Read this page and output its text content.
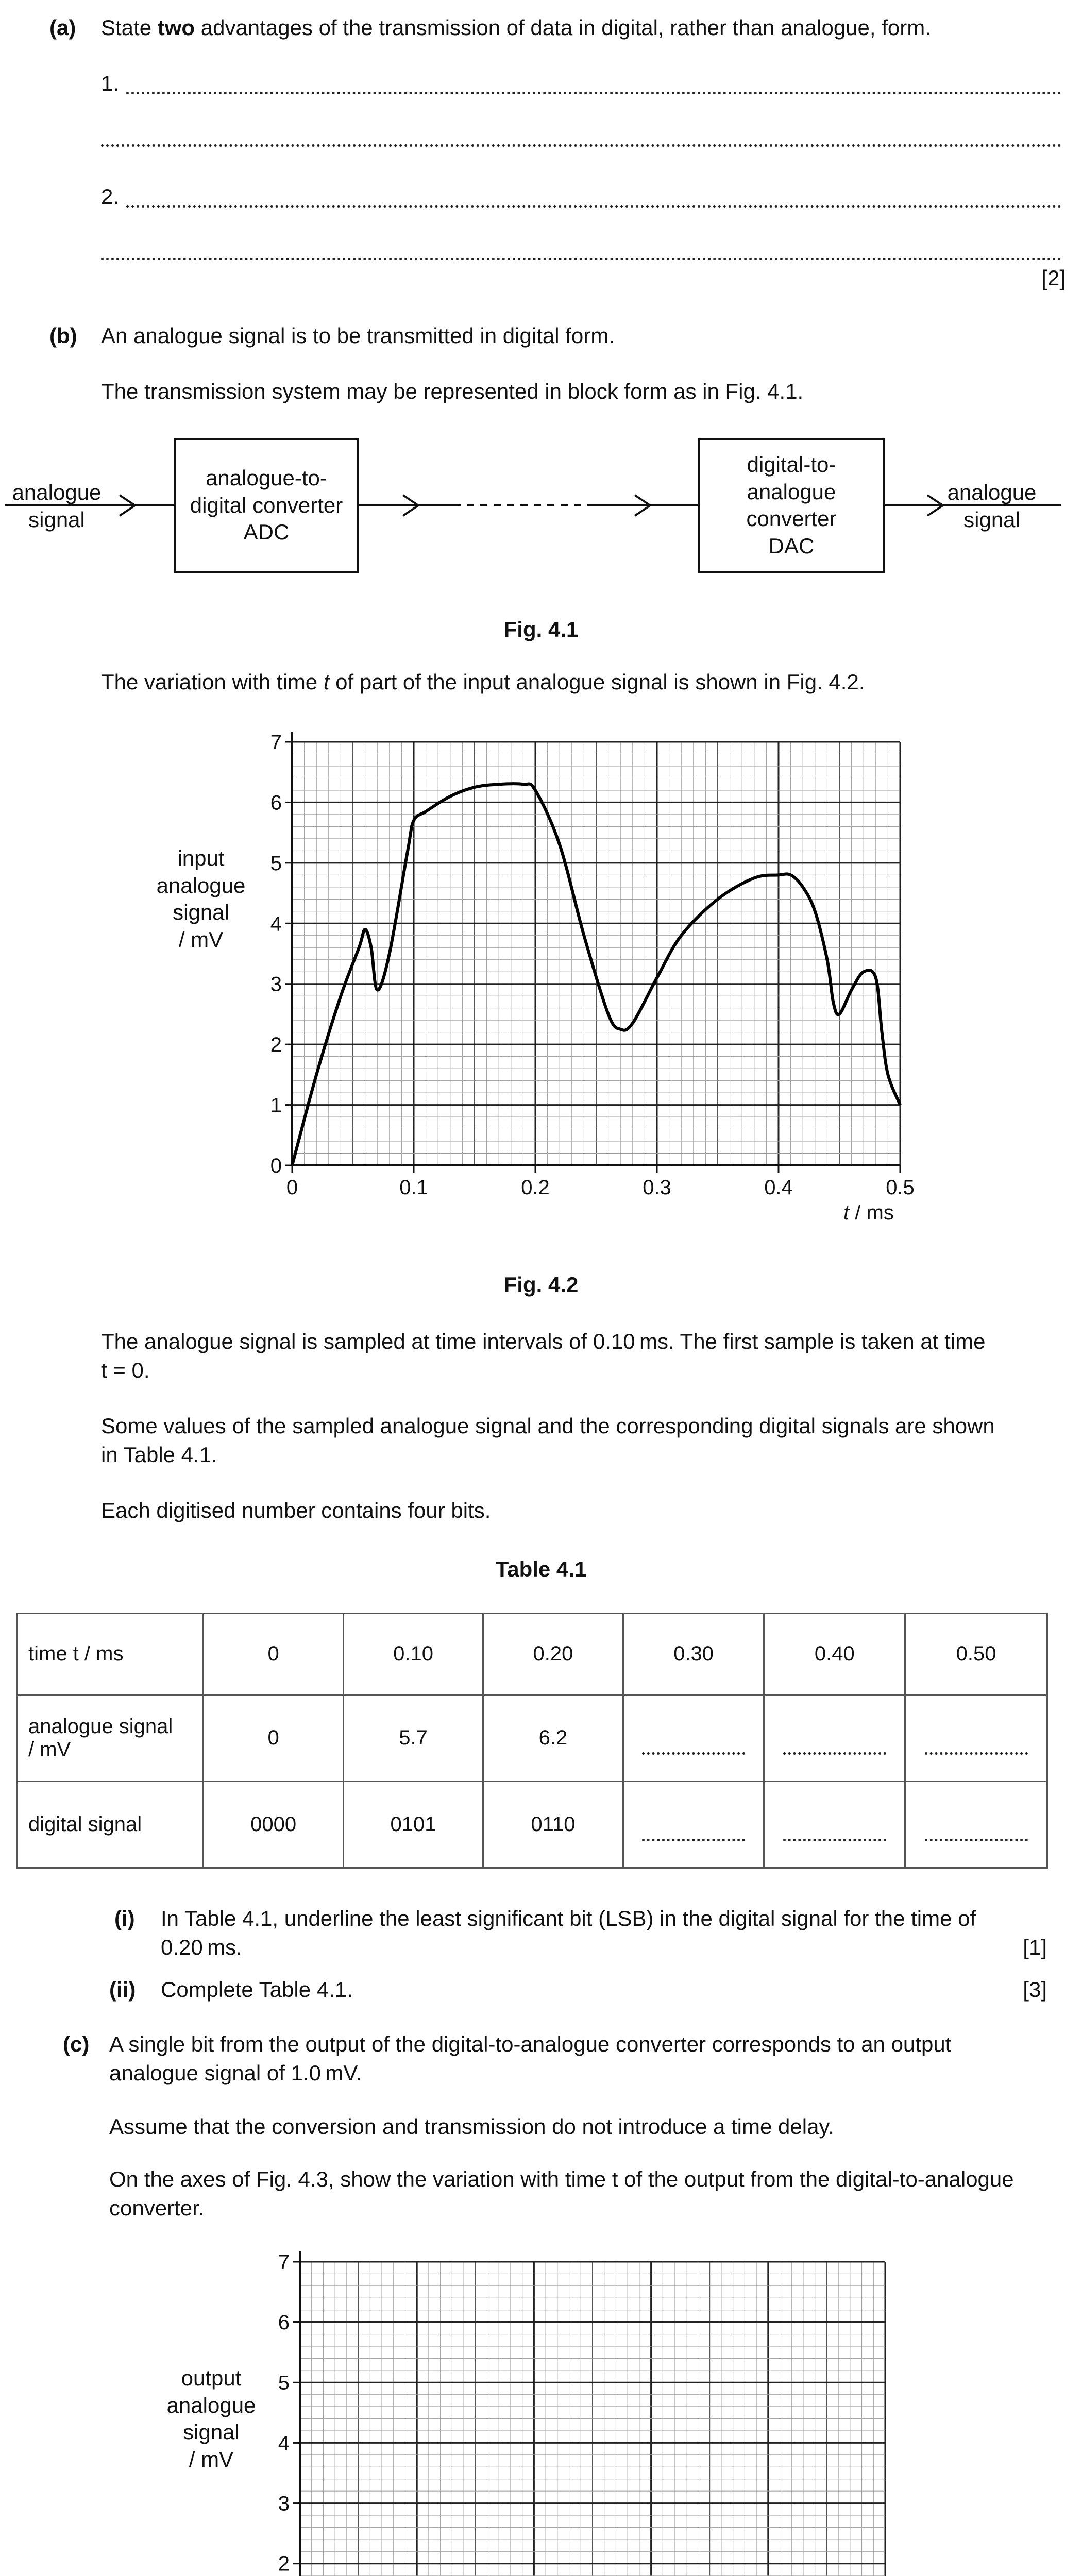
(a) State two advantages of the transmission of data in digital, rather than analogue, form.
1.
2.
[2]
(b) An analogue signal is to be transmitted in digital form.
The transmission system may be represented in block form as in Fig. 4.1.
analogue
signal
analogue-to-
digital converter
ADC
digital-to-
analogue
converter
DAC
analogue
signal
Fig. 4.1
The variation with time t of part of the input analogue signal is shown in Fig. 4.2.
0
1
2
3
4
5
6
7
0	0.1	0.2	0.3	0.4	0.5
t / ms
input
analogue
signal
/ mV
Fig. 4.2
The analogue signal is sampled at time intervals of 0.10 ms. The first sample is taken at time
t = 0.
Some values of the sampled analogue signal and the corresponding digital signals are shown
in Table 4.1.
Each digitised number contains four bits.
Table 4.1
time t / ms	0	0.10	0.20	0.30	0.40	0.50

analogue signal
/ mV	0	5.7	6.2			
digital signal	0000	0101	0110			
(i) In Table 4.1, underline the least significant bit (LSB) in the digital signal for the time of
0.20 ms.	[1]
(ii) Complete Table 4.1.	[3]
(c) A single bit from the output of the digital-to-analogue converter corresponds to an output
analogue signal of 1.0 mV.
Assume that the conversion and transmission do not introduce a time delay.
On the axes of Fig. 4.3, show the variation with time t of the output from the digital-to-analogue
converter.
2
3
4
5
6
7
output
analogue
signal
/ mV
